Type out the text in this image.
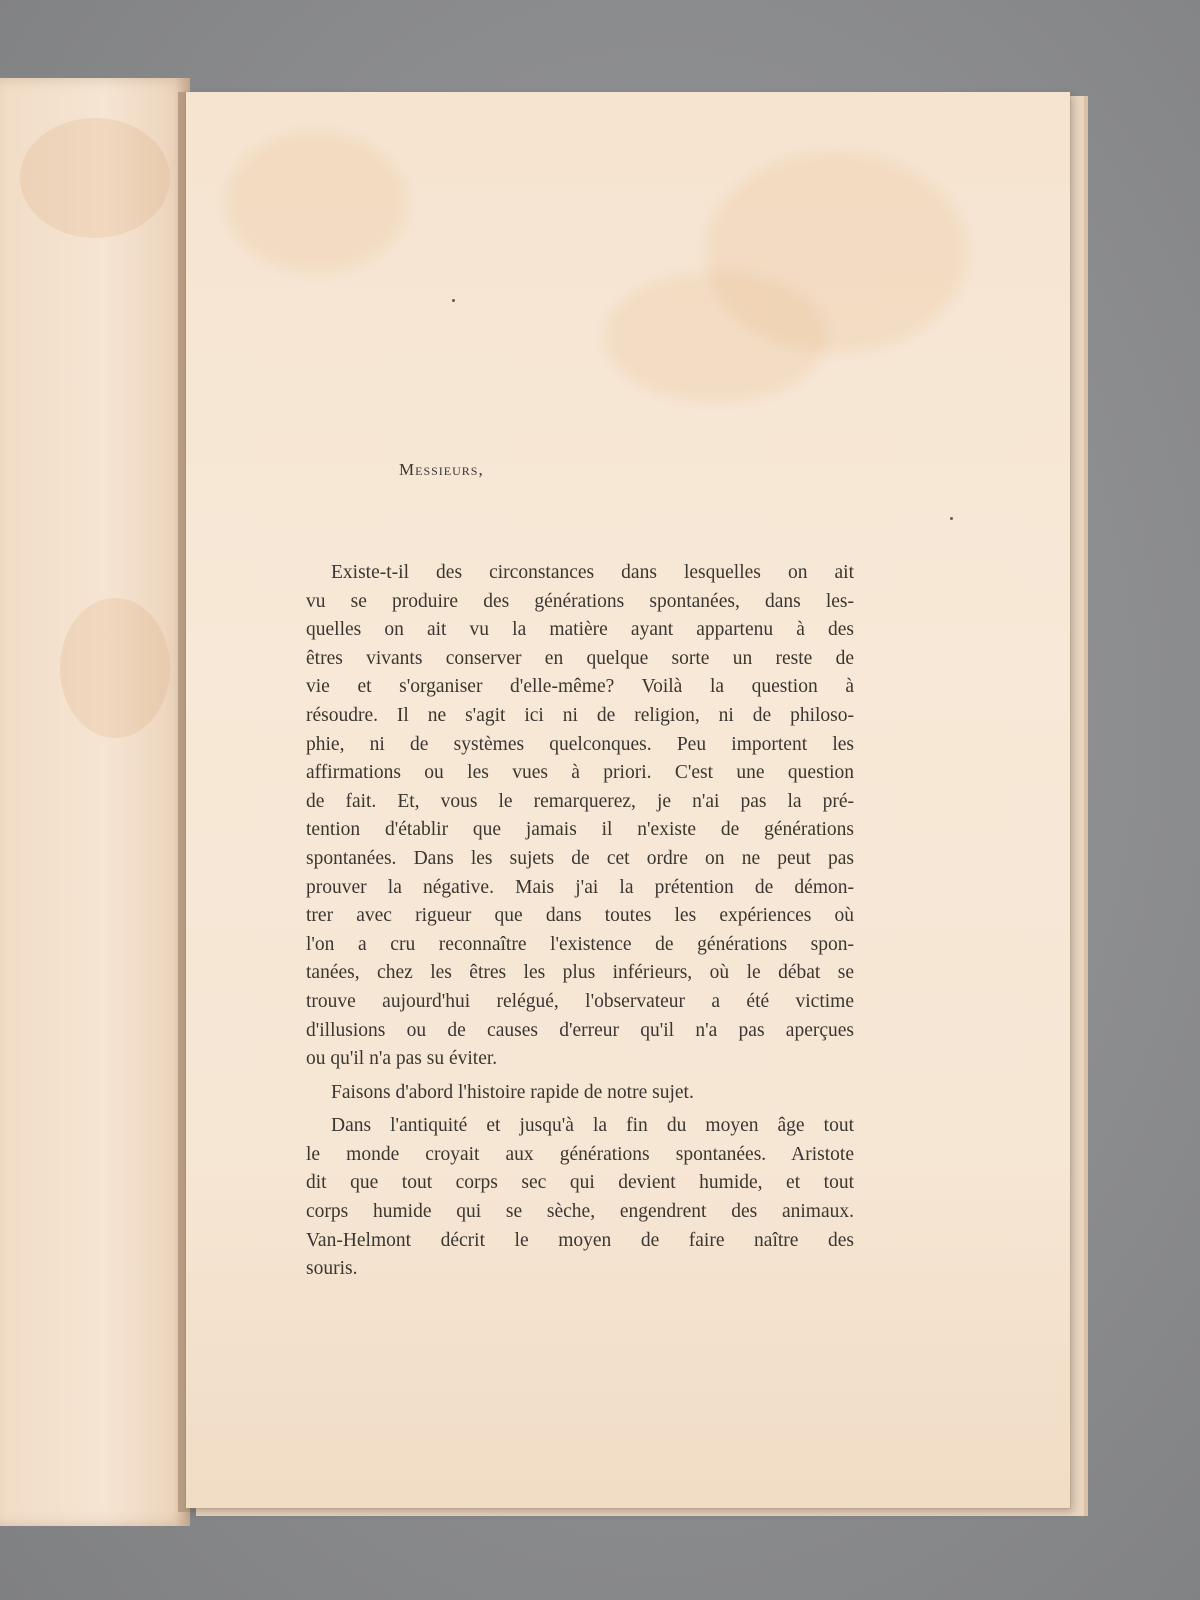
Messieurs,
Existe-t-il des circonstances dans lesquelles on ait
vu se produire des générations spontanées, dans les-
quelles on ait vu la matière ayant appartenu à des
êtres vivants conserver en quelque sorte un reste de
vie et s'organiser d'elle-même? Voilà la question à
résoudre. Il ne s'agit ici ni de religion, ni de philoso-
phie, ni de systèmes quelconques. Peu importent les
affirmations ou les vues à priori. C'est une question
de fait. Et, vous le remarquerez, je n'ai pas la pré-
tention d'établir que jamais il n'existe de générations
spontanées. Dans les sujets de cet ordre on ne peut pas
prouver la négative. Mais j'ai la prétention de démon-
trer avec rigueur que dans toutes les expériences où
l'on a cru reconnaître l'existence de générations spon-
tanées, chez les êtres les plus inférieurs, où le débat se
trouve aujourd'hui relégué, l'observateur a été victime
d'illusions ou de causes d'erreur qu'il n'a pas aperçues
ou qu'il n'a pas su éviter.
Faisons d'abord l'histoire rapide de notre sujet.
Dans l'antiquité et jusqu'à la fin du moyen âge tout
le monde croyait aux générations spontanées. Aristote
dit que tout corps sec qui devient humide, et tout
corps humide qui se sèche, engendrent des animaux.
Van-Helmont décrit le moyen de faire naître des
souris.
